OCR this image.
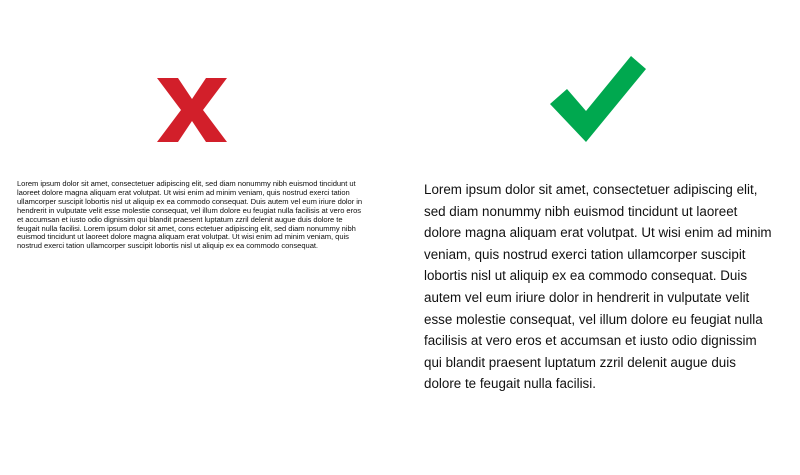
Lorem ipsum dolor sit amet, consectetuer adipiscing elit, sed diam nonummy nibh euismod tincidunt ut laoreet dolore magna aliquam erat volutpat. Ut wisi enim ad minim veniam, quis nostrud exerci tation ullamcorper suscipit lobortis nisl ut aliquip ex ea commodo consequat. Duis autem vel eum iriure dolor in hendrerit in vulputate velit esse molestie consequat, vel illum dolore eu feugiat nulla facilisis at vero eros et accumsan et iusto odio dignissim qui blandit praesent luptatum zzril delenit augue duis dolore te feugait nulla facilisi. Lorem ipsum dolor sit amet, cons ectetuer adipiscing elit, sed diam nonummy nibh euismod tincidunt ut laoreet dolore magna aliquam erat volutpat. Ut wisi enim ad minim veniam, quis nostrud exerci tation ullamcorper suscipit lobortis nisl ut aliquip ex ea commodo consequat.

Lorem ipsum dolor sit amet, consectetuer adipiscing elit, sed diam nonummy nibh euismod tincidunt ut laoreet dolore magna aliquam erat volutpat. Ut wisi enim ad minim veniam, quis nostrud exerci tation ullamcorper suscipit lobortis nisl ut aliquip ex ea commodo consequat. Duis autem vel eum iriure dolor in hendrerit in vulputate velit esse molestie consequat, vel illum dolore eu feugiat nulla facilisis at vero eros et accumsan et iusto odio dignissim qui blandit praesent luptatum zzril delenit augue duis dolore te feugait nulla facilisi.
